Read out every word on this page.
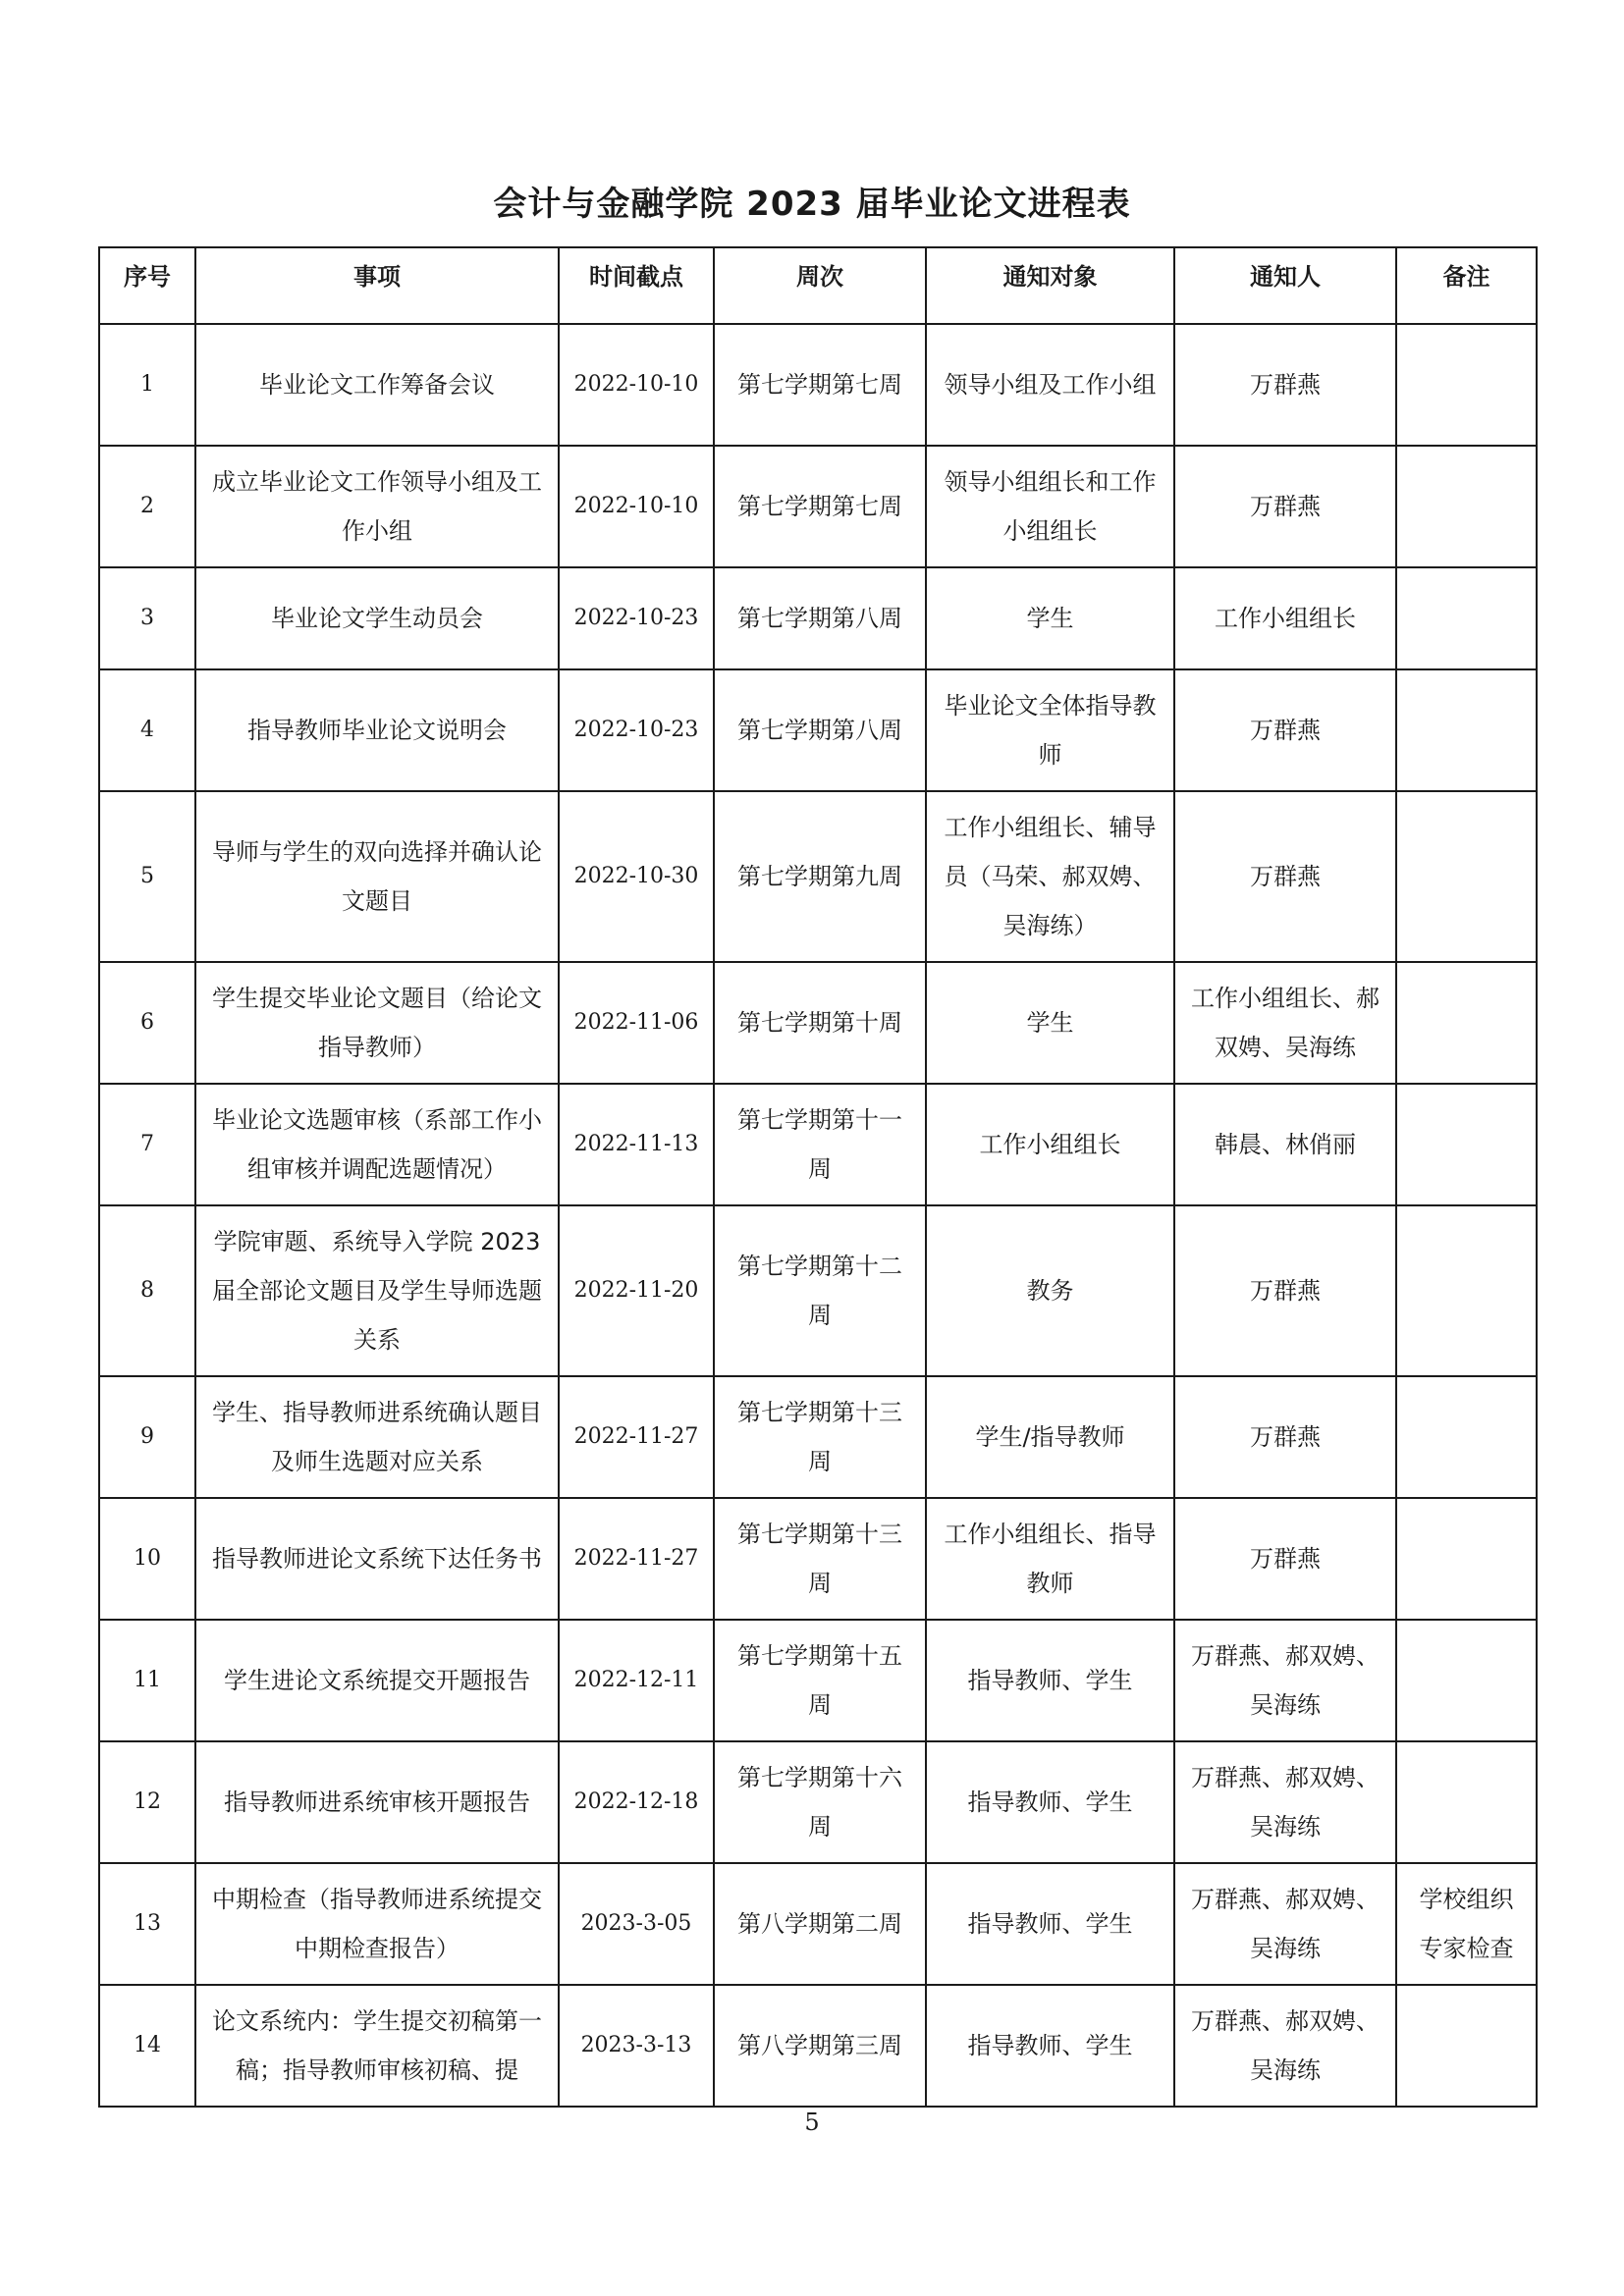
会计与金融学院 2023 届毕业论文进程表
序号	事项	时间截点	周次	通知对象	通知人	备注
1	毕业论文工作筹备会议	2022-10-10	第七学期第七周	领导小组及工作小组	万群燕	
2	成立毕业论文工作领导小组及工作小组	2022-10-10	第七学期第七周	领导小组组长和工作小组组长	万群燕	
3	毕业论文学生动员会	2022-10-23	第七学期第八周	学生	工作小组组长	
4	指导教师毕业论文说明会	2022-10-23	第七学期第八周	毕业论文全体指导教师	万群燕	
5	导师与学生的双向选择并确认论文题目	2022-10-30	第七学期第九周	工作小组组长、辅导员（马荣、郝双娉、吴海练）	万群燕	
6	学生提交毕业论文题目（给论文指导教师）	2022-11-06	第七学期第十周	学生	工作小组组长、郝双娉、吴海练	
7	毕业论文选题审核（系部工作小组审核并调配选题情况）	2022-11-13	第七学期第十一周	工作小组组长	韩晨、林俏丽	
8	学院审题、系统导入学院 2023 届全部论文题目及学生导师选题关系	2022-11-20	第七学期第十二周	教务	万群燕	
9	学生、指导教师进系统确认题目及师生选题对应关系	2022-11-27	第七学期第十三周	学生/指导教师	万群燕	
10	指导教师进论文系统下达任务书	2022-11-27	第七学期第十三周	工作小组组长、指导教师	万群燕	
11	学生进论文系统提交开题报告	2022-12-11	第七学期第十五周	指导教师、学生	万群燕、郝双娉、吴海练	
12	指导教师进系统审核开题报告	2022-12-18	第七学期第十六周	指导教师、学生	万群燕、郝双娉、吴海练	
13	中期检查（指导教师进系统提交中期检查报告）	2023-3-05	第八学期第二周	指导教师、学生	万群燕、郝双娉、吴海练	学校组织专家检查
14	论文系统内：学生提交初稿第一稿；指导教师审核初稿、提	2023-3-13	第八学期第三周	指导教师、学生	万群燕、郝双娉、吴海练	
5
